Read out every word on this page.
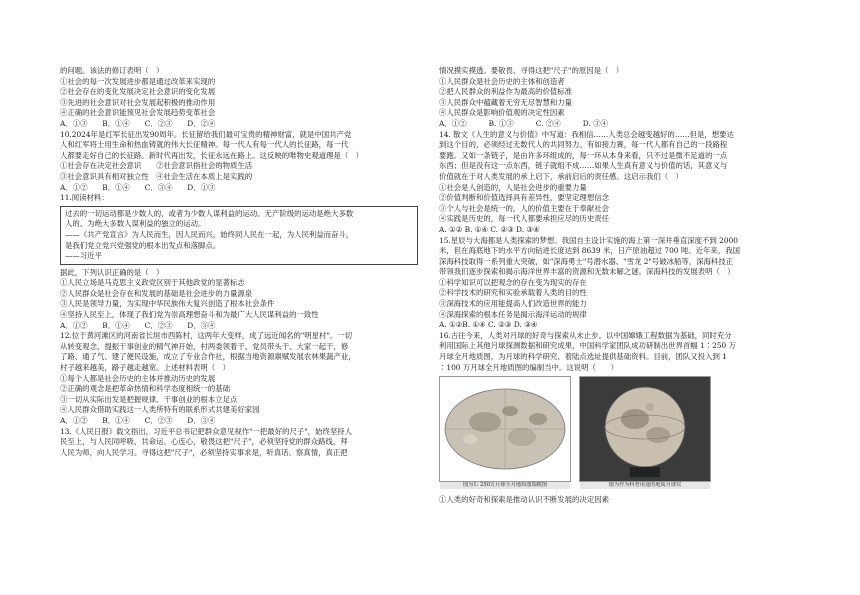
的问题。该法的修订表明（　）
①社会的每一次发展进步都是通过改革来实现的
②社会存在的变化发展决定社会意识的变化发展
③先进的社会意识对社会发展起积极的推动作用
④正确的社会意识能预见社会发展趋势变革社会
A．①③　　B．①④　　C．②③　　D．②④
10.2024年是红军长征出发90周年。长征留给我们最可宝贵的精神财富，就是中国共产党
人和红军将士用生命和热血铸就的伟大长征精神。每一代人有每一代人的长征路，每一代
人都要走好自己的长征路。新时代再出发，长征永远在路上。这反映的唯物史观道理是（　）
①社会存在决定社会意识　　②社会意识指社会的物质生活
③社会意识具有相对独立性　④社会生活在本质上是实践的
A．①②　　B．①④　　C．③④　　D．①③
11.阅读材料：
过去的一切运动都是少数人的，或者为少数人谋利益的运动。无产阶级的运动是绝大多数
人的、为绝大多数人谋利益的独立的运动。
——《共产党宣言》为人民而生，因人民而兴，始终同人民在一起，为人民利益而奋斗，
是我们党立党兴党强党的根本出发点和落脚点。
——习近平
据此，下列认识正确的是（　）
①人民立场是马克思主义政党区别于其他政党的显著标志
②人民群众是社会存在和发展的基础是社会进步的力量源泉
③人民是领导力量，为实现中华民族伟大复兴创造了根本社会条件
④坚持人民至上，体现了我们党为崇高理想奋斗和为最广大人民谋利益的一致性
A．①②　　B．①④　　C．②③　　D．③④
12.位于黄河滩区的河南省长垣市西陈村，这两年大变样，成了远近闻名的"明星村"。一切
从转变观念，提振干事创业的精气神开始，村两委领着干、党员带头干、大家一起干，修
了路、通了气、建了便民设施，成立了专业合作社，根据当地资源禀赋发展农林果蔬产业，
村子越来越美，路子越走越宽。上述材料表明（　）
①每个人都是社会历史的主体并推动历史的发展
②正确的观念是把革命热情和科学态度相统一的基础
③一切从实际出发是把握规律、干事创业的根本立足点
④人民群众借助实践这一人类所特有的联系形式共建美好家园
A．①②　　B．①④　　C．②③　　D．③④
13.《人民日报》载文指出，习近平总书记把群众意见视作"一把最好的尺子"，始终坚持人
民至上，与人民同呼吸、共命运、心连心，敬畏这把"尺子"，必须坚持党的群众路线，拜
人民为师，向人民学习。寻得这把"尺子"，必须坚持实事求是，听真话、察真情，真正把
情况摸实摸透。要敬畏、寻得这把"尺子"的原因是（　）
①人民群众是社会历史的主体和创造者
②把人民群众的利益作为最高的价值标准
③人民群众中蕴藏着无穷无尽智慧和力量
④人民群众是影响价值观的决定性因素
A．①②　　　B. ①③　　　C. ②④　　　D. ③④
14. 散文《人生的意义与价值》中写道：我相信……人类总会越变越好的……但是，想要达
到这个目的，必须经过无数代人的共同努力。有如接力赛，每一代人都有自己的一段路程
要跑。又如一条链子，是由许多环组成的，每一环从本身来看，只不过是微不足道的一点
东西；但是没有这一点东西，链子就组不成……如果人生真有意义与价值的话，其意义与
价值就在于对人类发展的承上启下，承前启后的责任感。这启示我们（　）
①社会是人创造的，人是社会进步的重要力量
②价值判断和价值选择具有差异性，要坚定理想信念
③个人与社会是统一的，人的价值主要在于奉献社会
④实践是历史的，每一代人都要承担应尽的历史责任
A. ①② B. ①④ C. ②③ D. ③④
15.星辰与大海都是人类探索的梦想。我国自主设计实施的海上第一深井垂直深度不到 2000
米，但在海底地下的水平方向钻进长度达到 8639 米，日产原油超过 700 吨。近年来，我国
深海科技取得一系列重大突破，如"深海勇士"号潜水器、"雪龙 2"号破冰船等，深海科技正
带领我们逐步探索和揭示海洋世界丰富的资源和无数未解之谜。深海科技的发展表明（　）
①科学知识可以把观念的存在变为现实的存在
②科学技术的研究和实验承载着人类的目的性
③深海技术的应用能提高人们改造世界的能力
④深海探索的根本任务是揭示海洋运动的规律
A. ①②B. ①④ C. ②③ D. ③④
16.古往今来，人类对月球的好奇与探索从未止步。以中国嫦娥工程数据为基础，同时充分
利用国际上其他月球探测数据和研究成果，中国科学家团队成功研制出世界首幅 1∶250 万
月球全月地质图，为月球的科学研究、着陆点选址提供基础资料。目前，团队又投入到 1
∶100 万月球全月地质图的编制当中。这说明（　　）
图为1: 250万月球全月地质图瑞模图	图为作为科普用途的地质月球仪
①人类的好奇和探索是推动认识不断发展的决定因素
